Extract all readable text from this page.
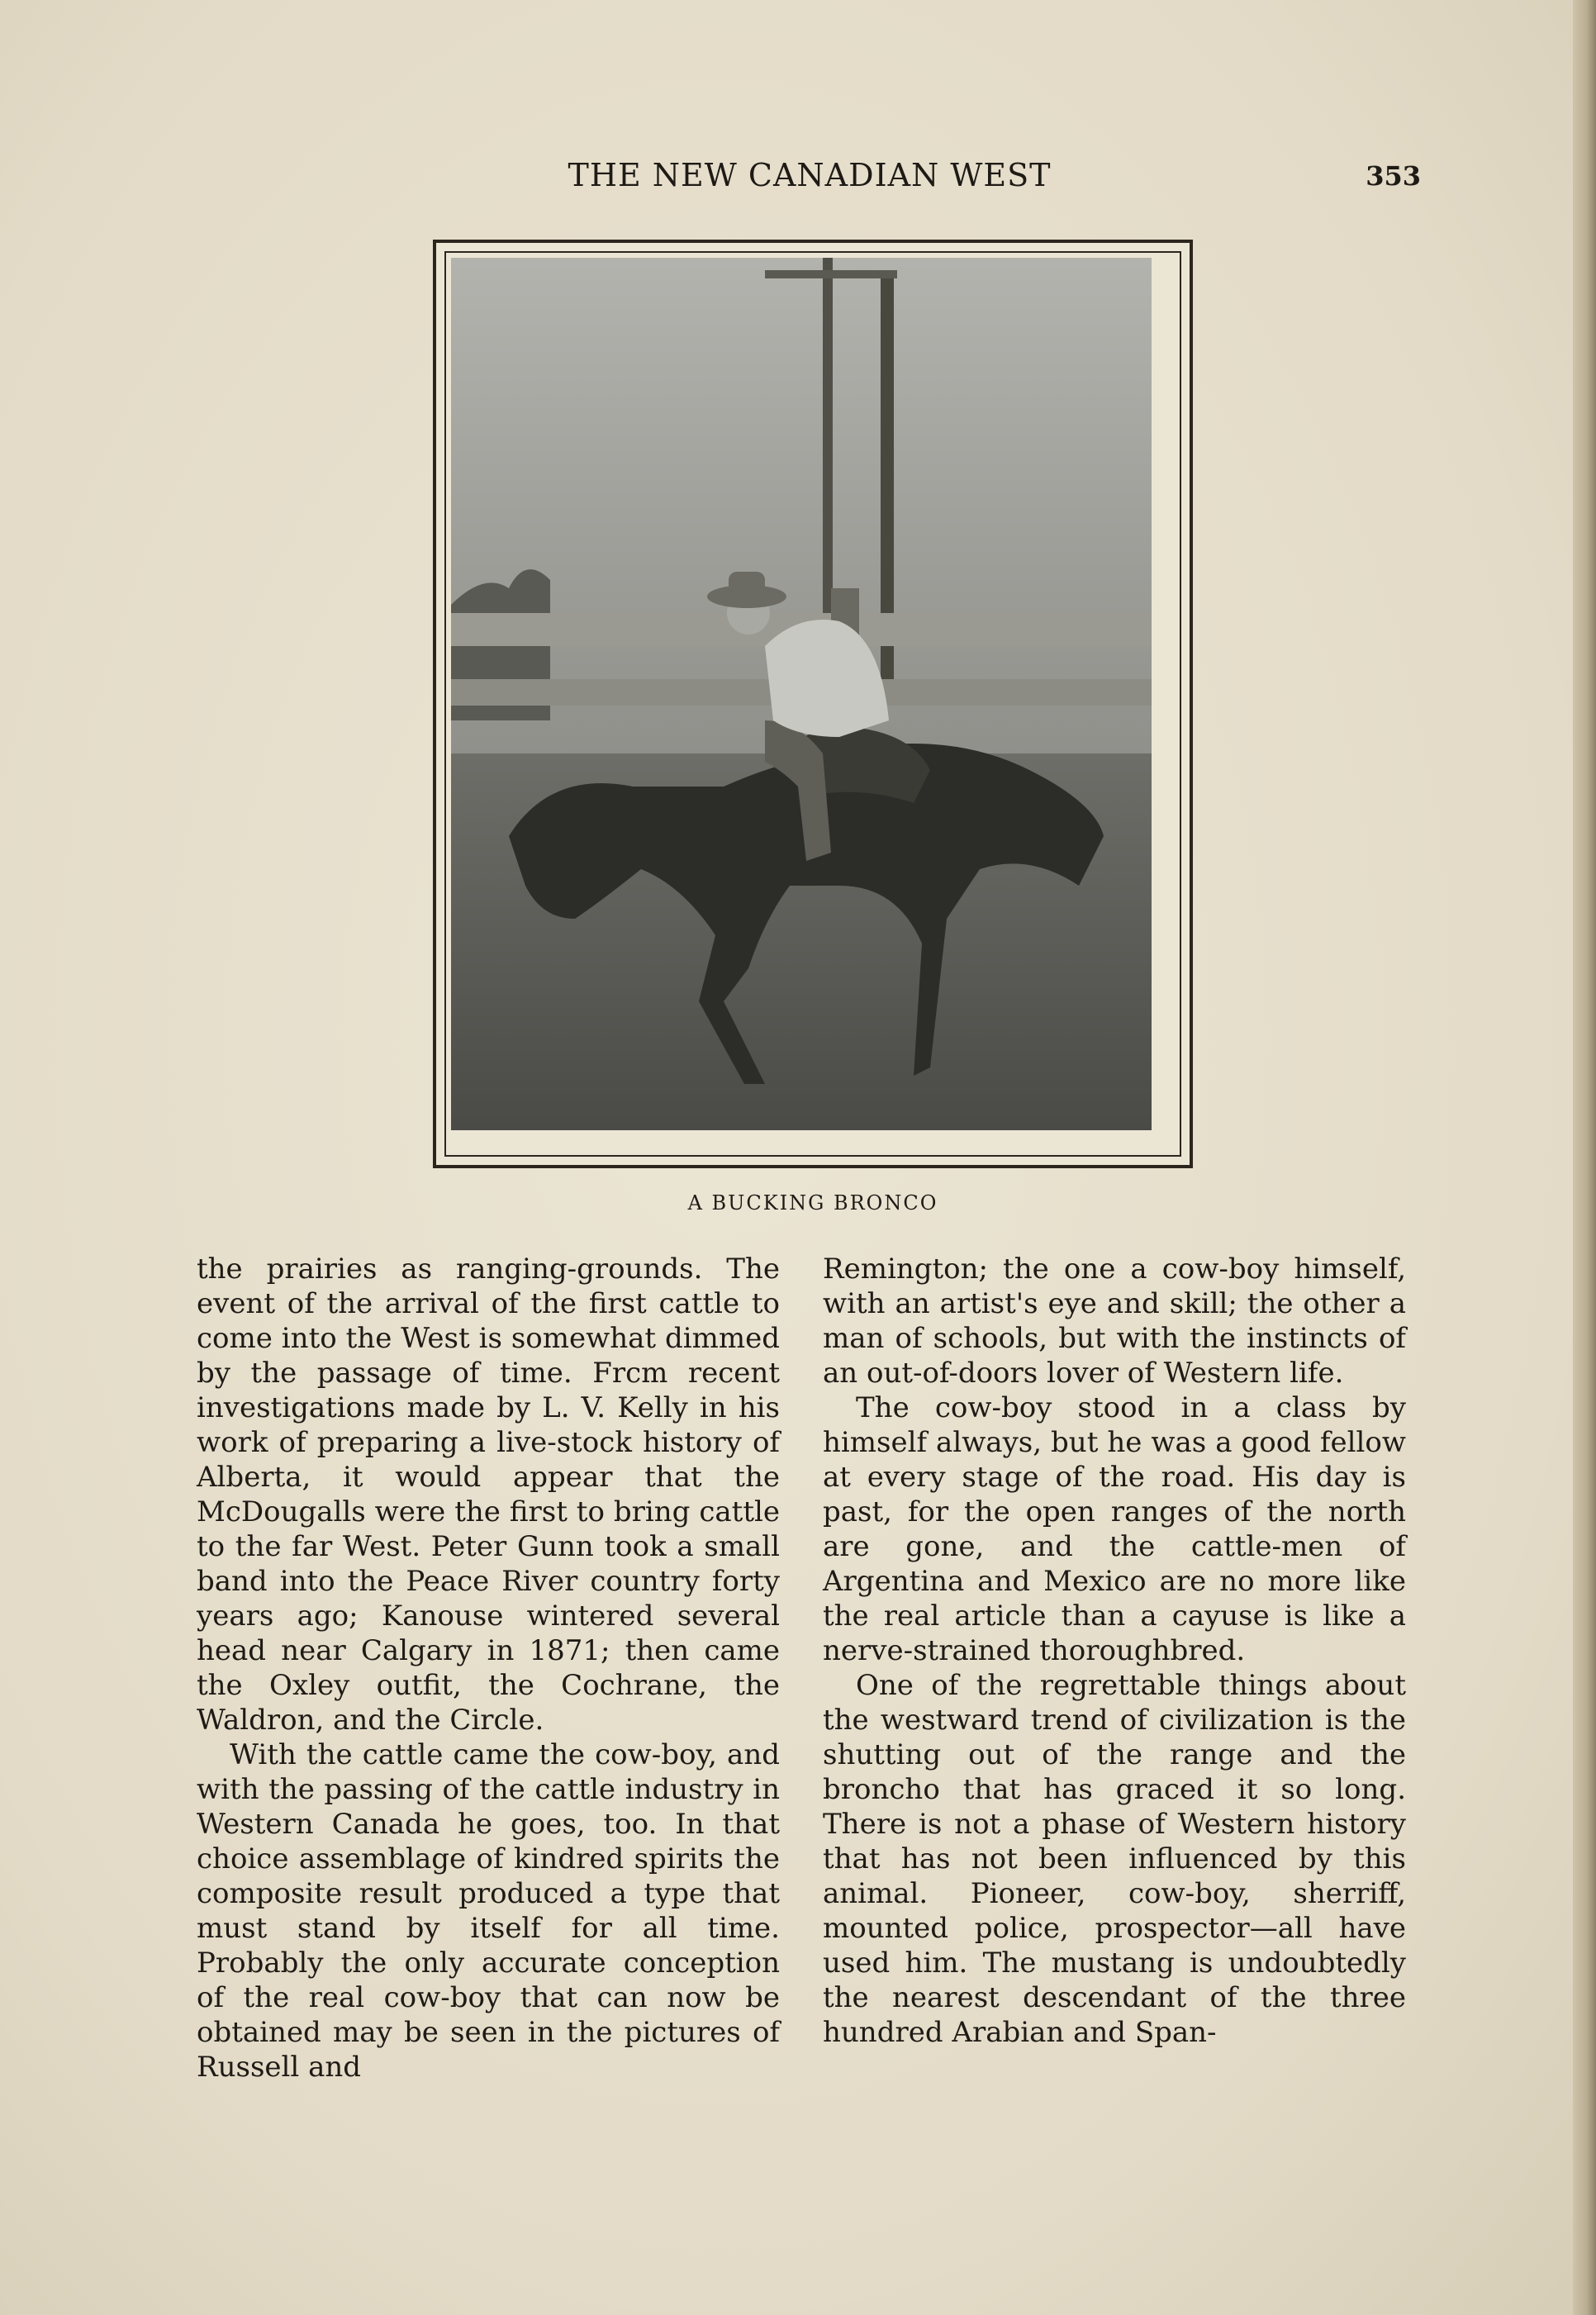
THE NEW CANADIAN WEST	353
A BUCKING BRONCO

the prairies as ranging-grounds. The event of the arrival of the first cattle to come into the West is somewhat dimmed by the passage of time. Frcm recent investigations made by L. V. Kelly in his work of preparing a live-stock history of Alberta, it would appear that the McDougalls were the first to bring cattle to the far West. Peter Gunn took a small band into the Peace River country forty years ago; Kanouse wintered several head near Calgary in 1871; then came the Oxley outfit, the Cochrane, the Waldron, and the Circle.

With the cattle came the cow-boy, and with the passing of the cattle industry in Western Canada he goes, too. In that choice assemblage of kindred spirits the composite result produced a type that must stand by itself for all time. Probably the only accurate conception of the real cow-boy that can now be obtained may be seen in the pictures of Russell and

Remington; the one a cow-boy himself, with an artist's eye and skill; the other a man of schools, but with the instincts of an out-of-doors lover of Western life.

The cow-boy stood in a class by himself always, but he was a good fellow at every stage of the road. His day is past, for the open ranges of the north are gone, and the cattle-men of Argentina and Mexico are no more like the real article than a cayuse is like a nerve-strained thoroughbred.

One of the regrettable things about the westward trend of civilization is the shutting out of the range and the broncho that has graced it so long. There is not a phase of Western history that has not been influenced by this animal. Pioneer, cow-boy, sherriff, mounted police, prospector—all have used him. The mustang is undoubtedly the nearest descendant of the three hundred Arabian and Span-
